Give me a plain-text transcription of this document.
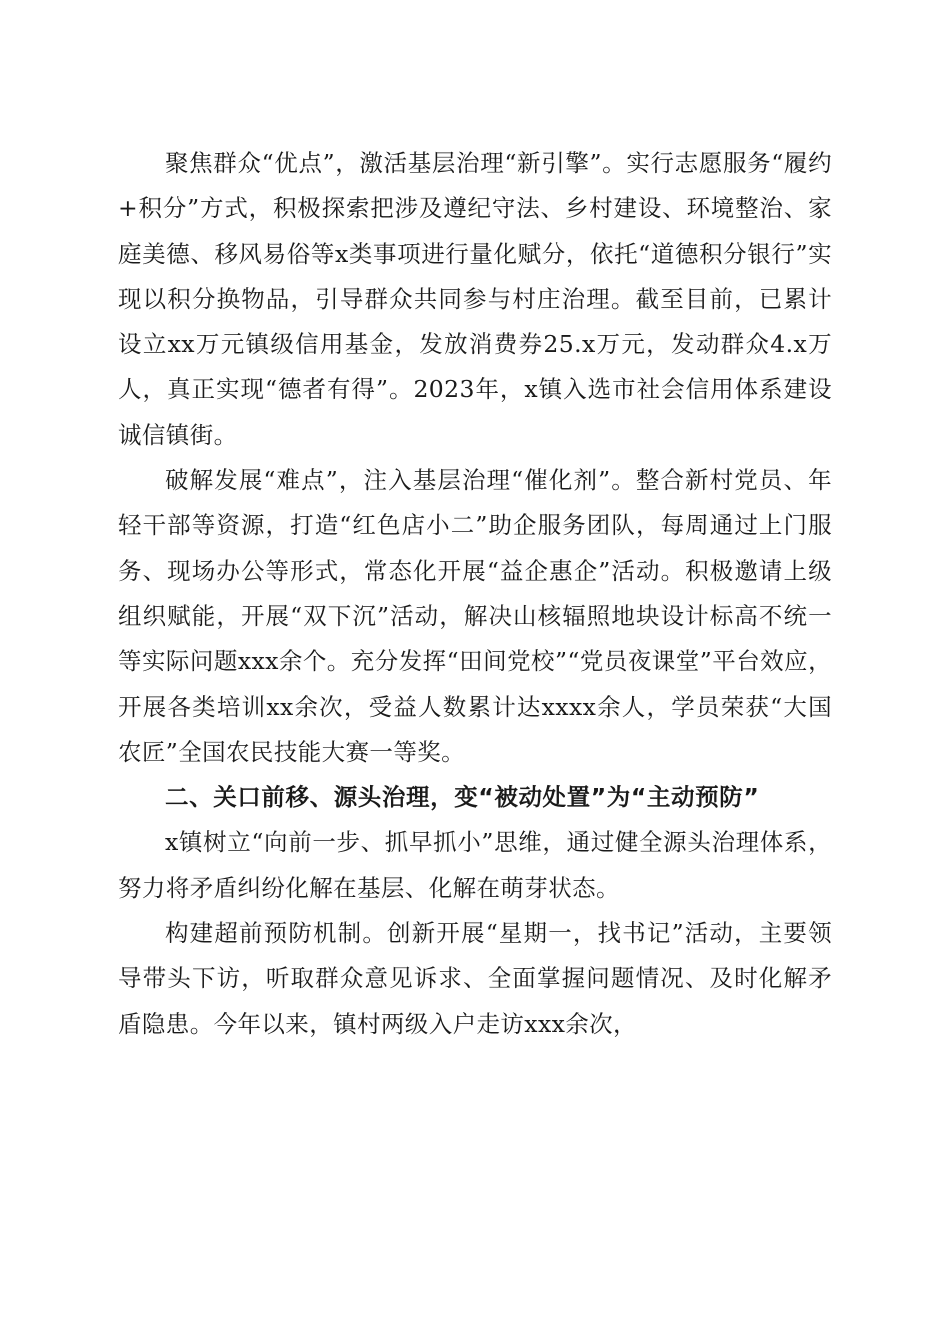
聚焦群众“优点”，激活基层治理“新引擎”。实行志愿服务“履约+积分”方式，积极探索把涉及遵纪守法、乡村建设、环境整治、家庭美德、移风易俗等x类事项进行量化赋分，依托“道德积分银行”实现以积分换物品，引导群众共同参与村庄治理。截至目前，已累计设立xx万元镇级信用基金，发放消费券25.x万元，发动群众4.x万人，真正实现“德者有得”。2023年，x镇入选市社会信用体系建设诚信镇街。

破解发展“难点”，注入基层治理“催化剂”。整合新村党员、年轻干部等资源，打造“红色店小二”助企服务团队，每周通过上门服务、现场办公等形式，常态化开展“益企惠企”活动。积极邀请上级组织赋能，开展“双下沉”活动，解决山核辐照地块设计标高不统一等实际问题xxx余个。充分发挥“田间党校”“党员夜课堂”平台效应，开展各类培训xx余次，受益人数累计达xxxx余人，学员荣获“大国农匠”全国农民技能大赛一等奖。

二、关口前移、源头治理，变“被动处置”为“主动预防”

x镇树立“向前一步、抓早抓小”思维，通过健全源头治理体系，努力将矛盾纠纷化解在基层、化解在萌芽状态。

构建超前预防机制。创新开展“星期一，找书记”活动，主要领导带头下访，听取群众意见诉求、全面掌握问题情况、及时化解矛盾隐患。今年以来，镇村两级入户走访xxx余次，
